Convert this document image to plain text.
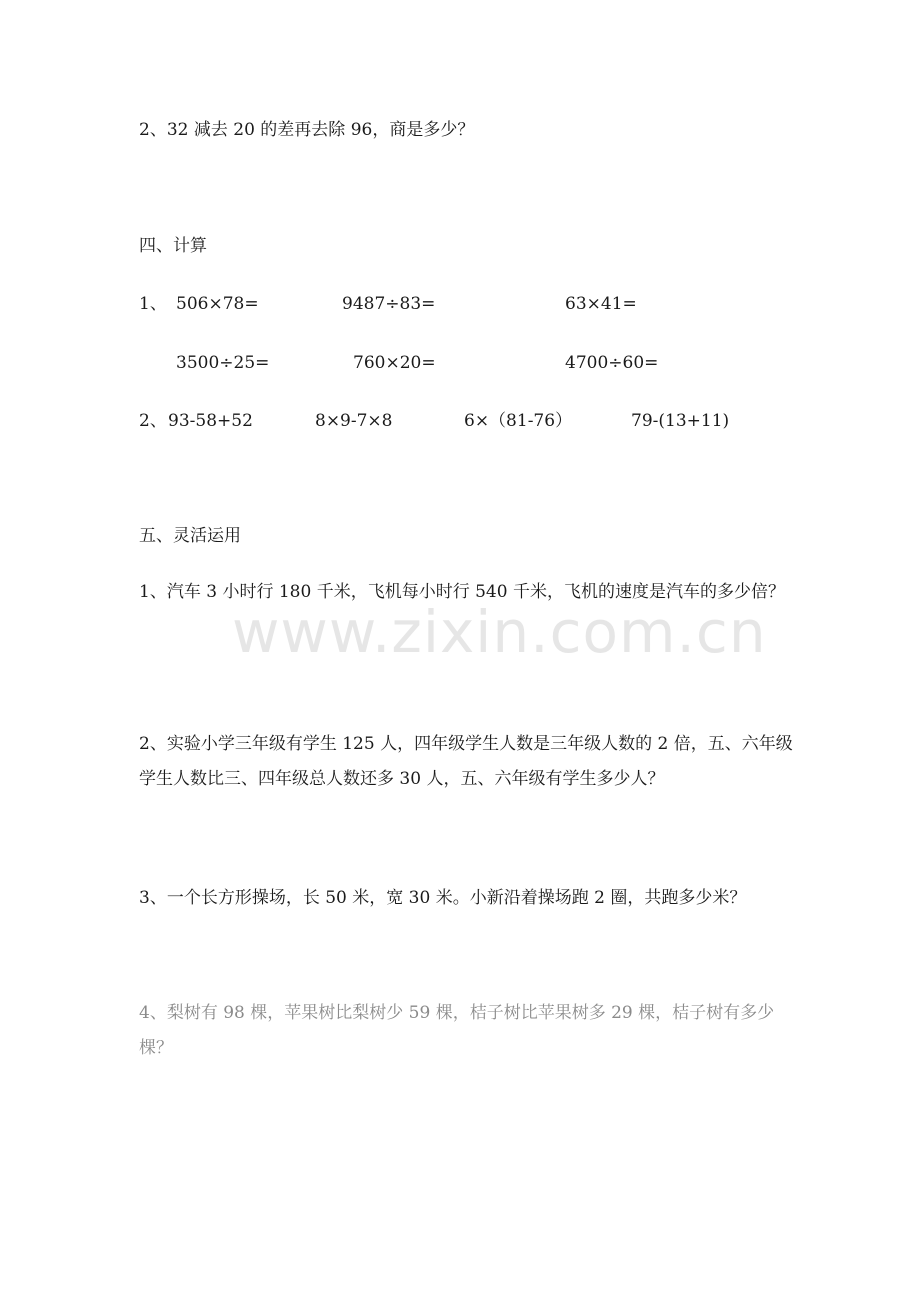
2、32 减去 20 的差再去除 96，商是多少？
四、计算
1、 506×78=	9487÷83=	63×41=
3500÷25=	760×20=	4700÷60=
2、 93-58+52	8×9-7×8	6×（81-76）	79-(13+11)
五、灵活运用
1、汽车 3 小时行 180 千米，飞机每小时行 540 千米，飞机的速度是汽车的多少倍？
2、实验小学三年级有学生 125 人，四年级学生人数是三年级人数的 2 倍，五、六年级学生人数比三、四年级总人数还多 30 人，五、六年级有学生多少人？
3、一个长方形操场，长 50 米，宽 30 米。小新沿着操场跑 2 圈，共跑多少米？
4、梨树有 98 棵，苹果树比梨树少 59 棵，桔子树比苹果树多 29 棵，桔子树有多少棵？
www.zixin.com.cn
